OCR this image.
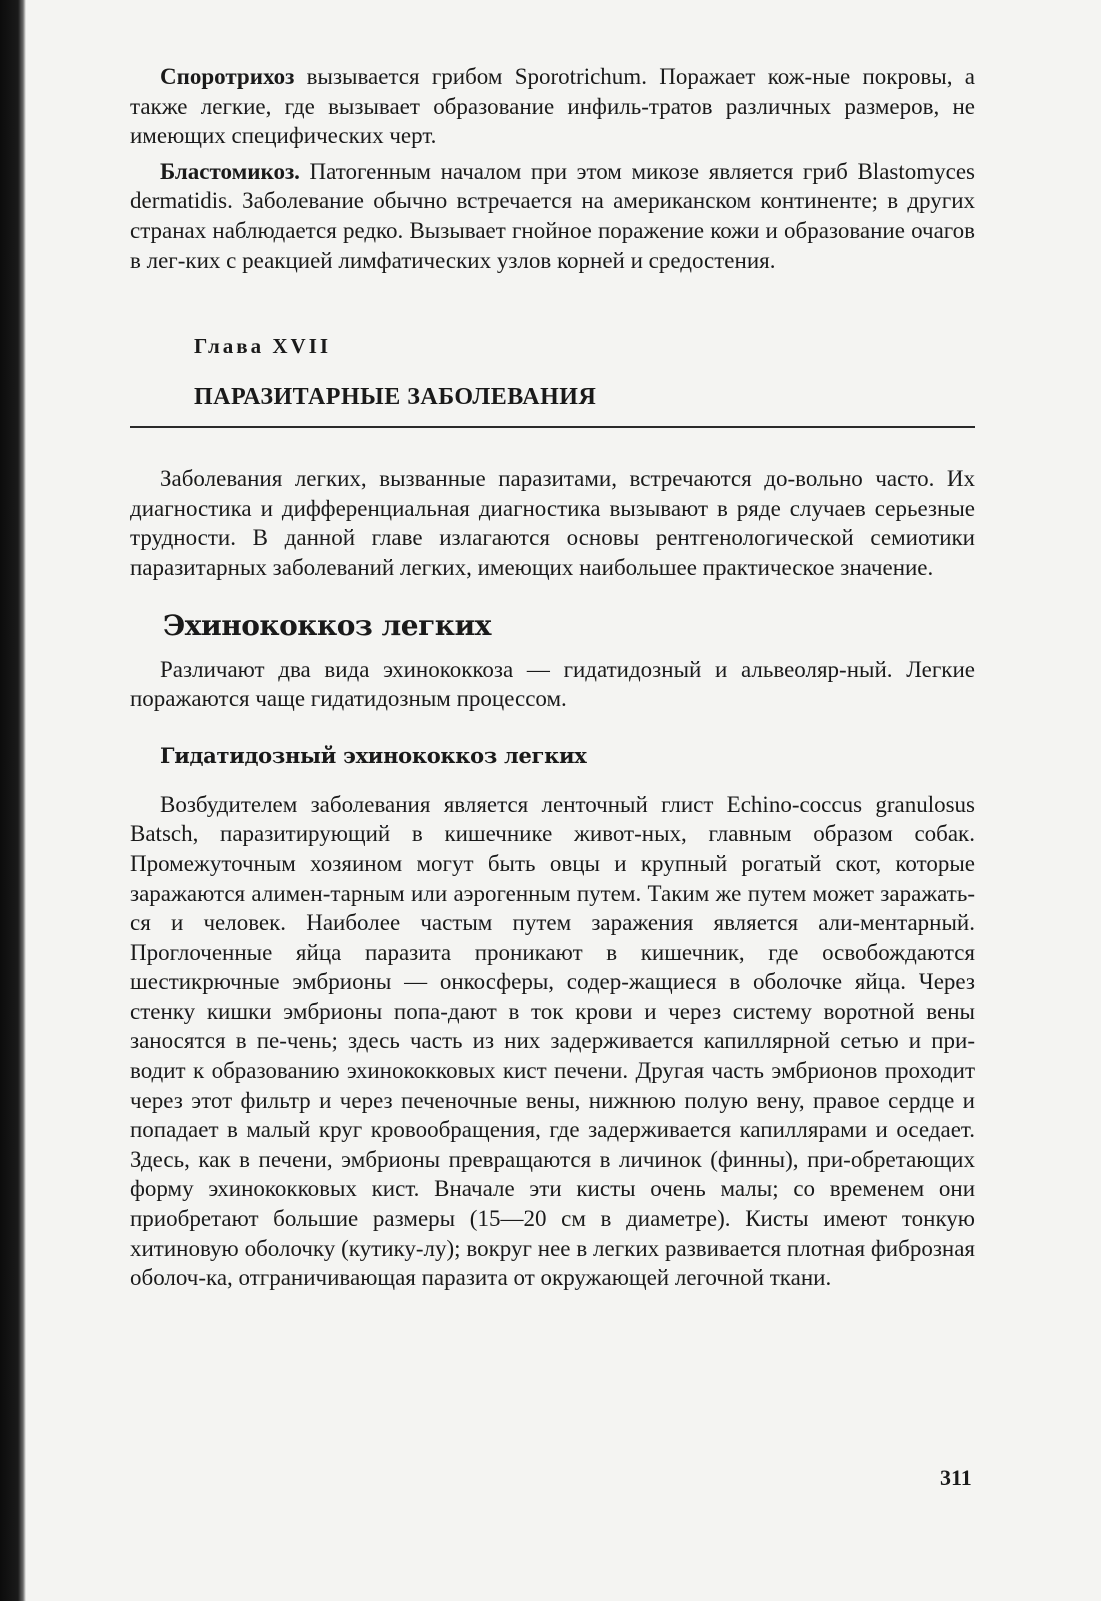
Споротрихоз вызывается грибом Sporotrichum. Поражает кож-ные покровы, а также легкие, где вызывает образование инфиль-тратов различных размеров, не имеющих специфических черт.

Бластомикоз. Патогенным началом при этом микозе является гриб Blastomyces dermatidis. Заболевание обычно встречается на американском континенте; в других странах наблюдается редко. Вызывает гнойное поражение кожи и образование очагов в лег-ких с реакцией лимфатических узлов корней и средостения.

Глава XVII
ПАРАЗИТАРНЫЕ ЗАБОЛЕВАНИЯ

Заболевания легких, вызванные паразитами, встречаются до-вольно часто. Их диагностика и дифференциальная диагностика вызывают в ряде случаев серьезные трудности. В данной главе излагаются основы рентгенологической семиотики паразитарных заболеваний легких, имеющих наибольшее практическое значение.

Эхинококкоз легких

Различают два вида эхинококкоза — гидатидозный и альвеоляр-ный. Легкие поражаются чаще гидатидозным процессом.

Гидатидозный эхинококкоз легких

Возбудителем заболевания является ленточный глист Echino-coccus granulosus Batsch, паразитирующий в кишечнике живот-ных, главным образом собак. Промежуточным хозяином могут быть овцы и крупный рогатый скот, которые заражаются алимен-тарным или аэрогенным путем. Таким же путем может заражать-ся и человек. Наиболее частым путем заражения является али-ментарный. Проглоченные яйца паразита проникают в кишечник, где освобождаются шестикрючные эмбрионы — онкосферы, содер-жащиеся в оболочке яйца. Через стенку кишки эмбрионы попа-дают в ток крови и через систему воротной вены заносятся в пе-чень; здесь часть из них задерживается капиллярной сетью и при-водит к образованию эхинококковых кист печени. Другая часть эмбрионов проходит через этот фильтр и через печеночные вены, нижнюю полую вену, правое сердце и попадает в малый круг кровообращения, где задерживается капиллярами и оседает. Здесь, как в печени, эмбрионы превращаются в личинок (финны), при-обретающих форму эхинококковых кист. Вначале эти кисты очень малы; со временем они приобретают большие размеры (15—20 см в диаметре). Кисты имеют тонкую хитиновую оболочку (кутику-лу); вокруг нее в легких развивается плотная фиброзная оболоч-ка, отграничивающая паразита от окружающей легочной ткани.

311
